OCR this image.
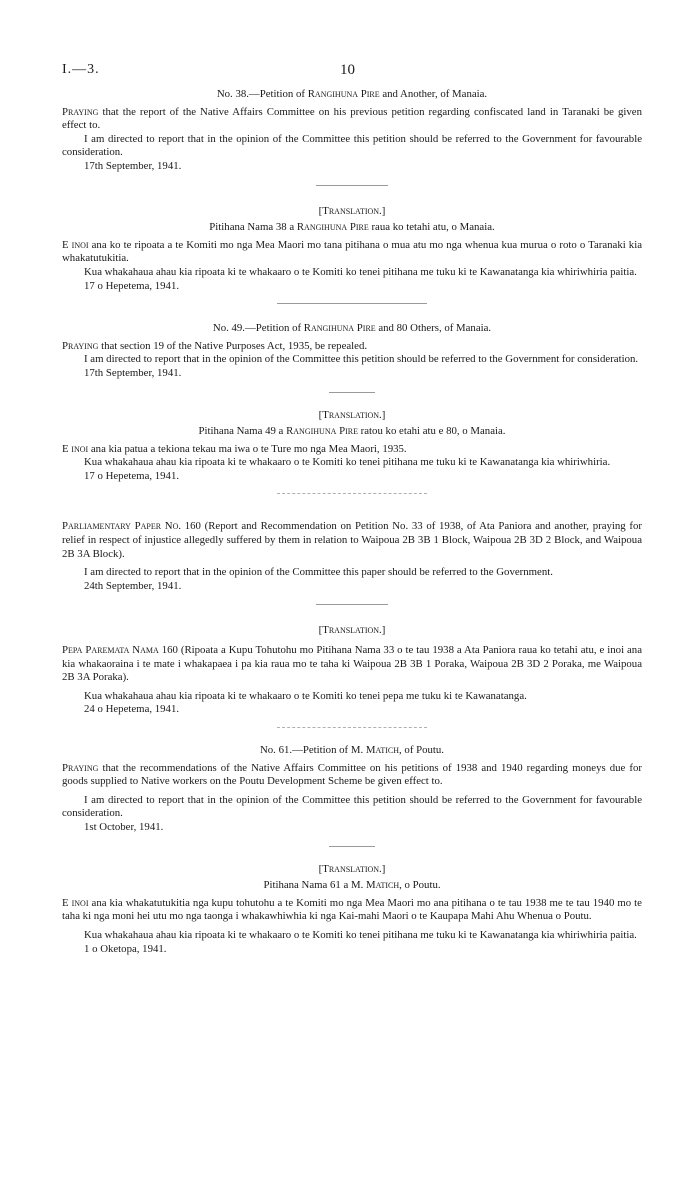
I.—3.	10

No. 38.—Petition of Rangihuna Pire and Another, of Manaia.

Praying that the report of the Native Affairs Committee on his previous petition regarding confiscated land in Taranaki be given effect to.

I am directed to report that in the opinion of the Committee this petition should be referred to the Government for favourable consideration.

17th September, 1941.

[Translation.]

Pitihana Nama 38 a Rangihuna Pire raua ko tetahi atu, o Manaia.

E inoi ana ko te ripoata a te Komiti mo nga Mea Maori mo tana pitihana o mua atu mo nga whenua kua murua o roto o Taranaki kia whakatutukitia.

Kua whakahaua ahau kia ripoata ki te whakaaro o te Komiti ko tenei pitihana me tuku ki te Kawanatanga kia whiriwhiria paitia.

17 o Hepetema, 1941.

No. 49.—Petition of Rangihuna Pire and 80 Others, of Manaia.

Praying that section 19 of the Native Purposes Act, 1935, be repealed.

I am directed to report that in the opinion of the Committee this petition should be referred to the Government for consideration.

17th September, 1941.

[Translation.]

Pitihana Nama 49 a Rangihuna Pire ratou ko etahi atu e 80, o Manaia.

E inoi ana kia patua a tekiona tekau ma iwa o te Ture mo nga Mea Maori, 1935.

Kua whakahaua ahau kia ripoata ki te whakaaro o te Komiti ko tenei pitihana me tuku ki te Kawanatanga kia whiriwhiria.

17 o Hepetema, 1941.

Parliamentary Paper No. 160 (Report and Recommendation on Petition No. 33 of 1938, of Ata Paniora and another, praying for relief in respect of injustice allegedly suffered by them in relation to Waipoua 2B 3B 1 Block, Waipoua 2B 3D 2 Block, and Waipoua 2B 3A Block).

I am directed to report that in the opinion of the Committee this paper should be referred to the Government.

24th September, 1941.

[Translation.]

Pepa Paremata Nama 160 (Ripoata a Kupu Tohutohu mo Pitihana Nama 33 o te tau 1938 a Ata Paniora raua ko tetahi atu, e inoi ana kia whakaoraina i te mate i whakapaea i pa kia raua mo te taha ki Waipoua 2B 3B 1 Poraka, Waipoua 2B 3D 2 Poraka, me Waipoua 2B 3A Poraka).

Kua whakahaua ahau kia ripoata ki te whakaaro o te Komiti ko tenei pepa me tuku ki te Kawanatanga.

24 o Hepetema, 1941.

No. 61.—Petition of M. Matich, of Poutu.

Praying that the recommendations of the Native Affairs Committee on his petitions of 1938 and 1940 regarding moneys due for goods supplied to Native workers on the Poutu Development Scheme be given effect to.

I am directed to report that in the opinion of the Committee this petition should be referred to the Government for favourable consideration.

1st October, 1941.

[Translation.]

Pitihana Nama 61 a M. Matich, o Poutu.

E inoi ana kia whakatutukitia nga kupu tohutohu a te Komiti mo nga Mea Maori mo ana pitihana o te tau 1938 me te tau 1940 mo te taha ki nga moni hei utu mo nga taonga i whakawhiwhia ki nga Kai-mahi Maori o te Kaupapa Mahi Ahu Whenua o Poutu.

Kua whakahaua ahau kia ripoata ki te whakaaro o te Komiti ko tenei pitihana me tuku ki te Kawanatanga kia whiriwhiria paitia.

1 o Oketopa, 1941.
